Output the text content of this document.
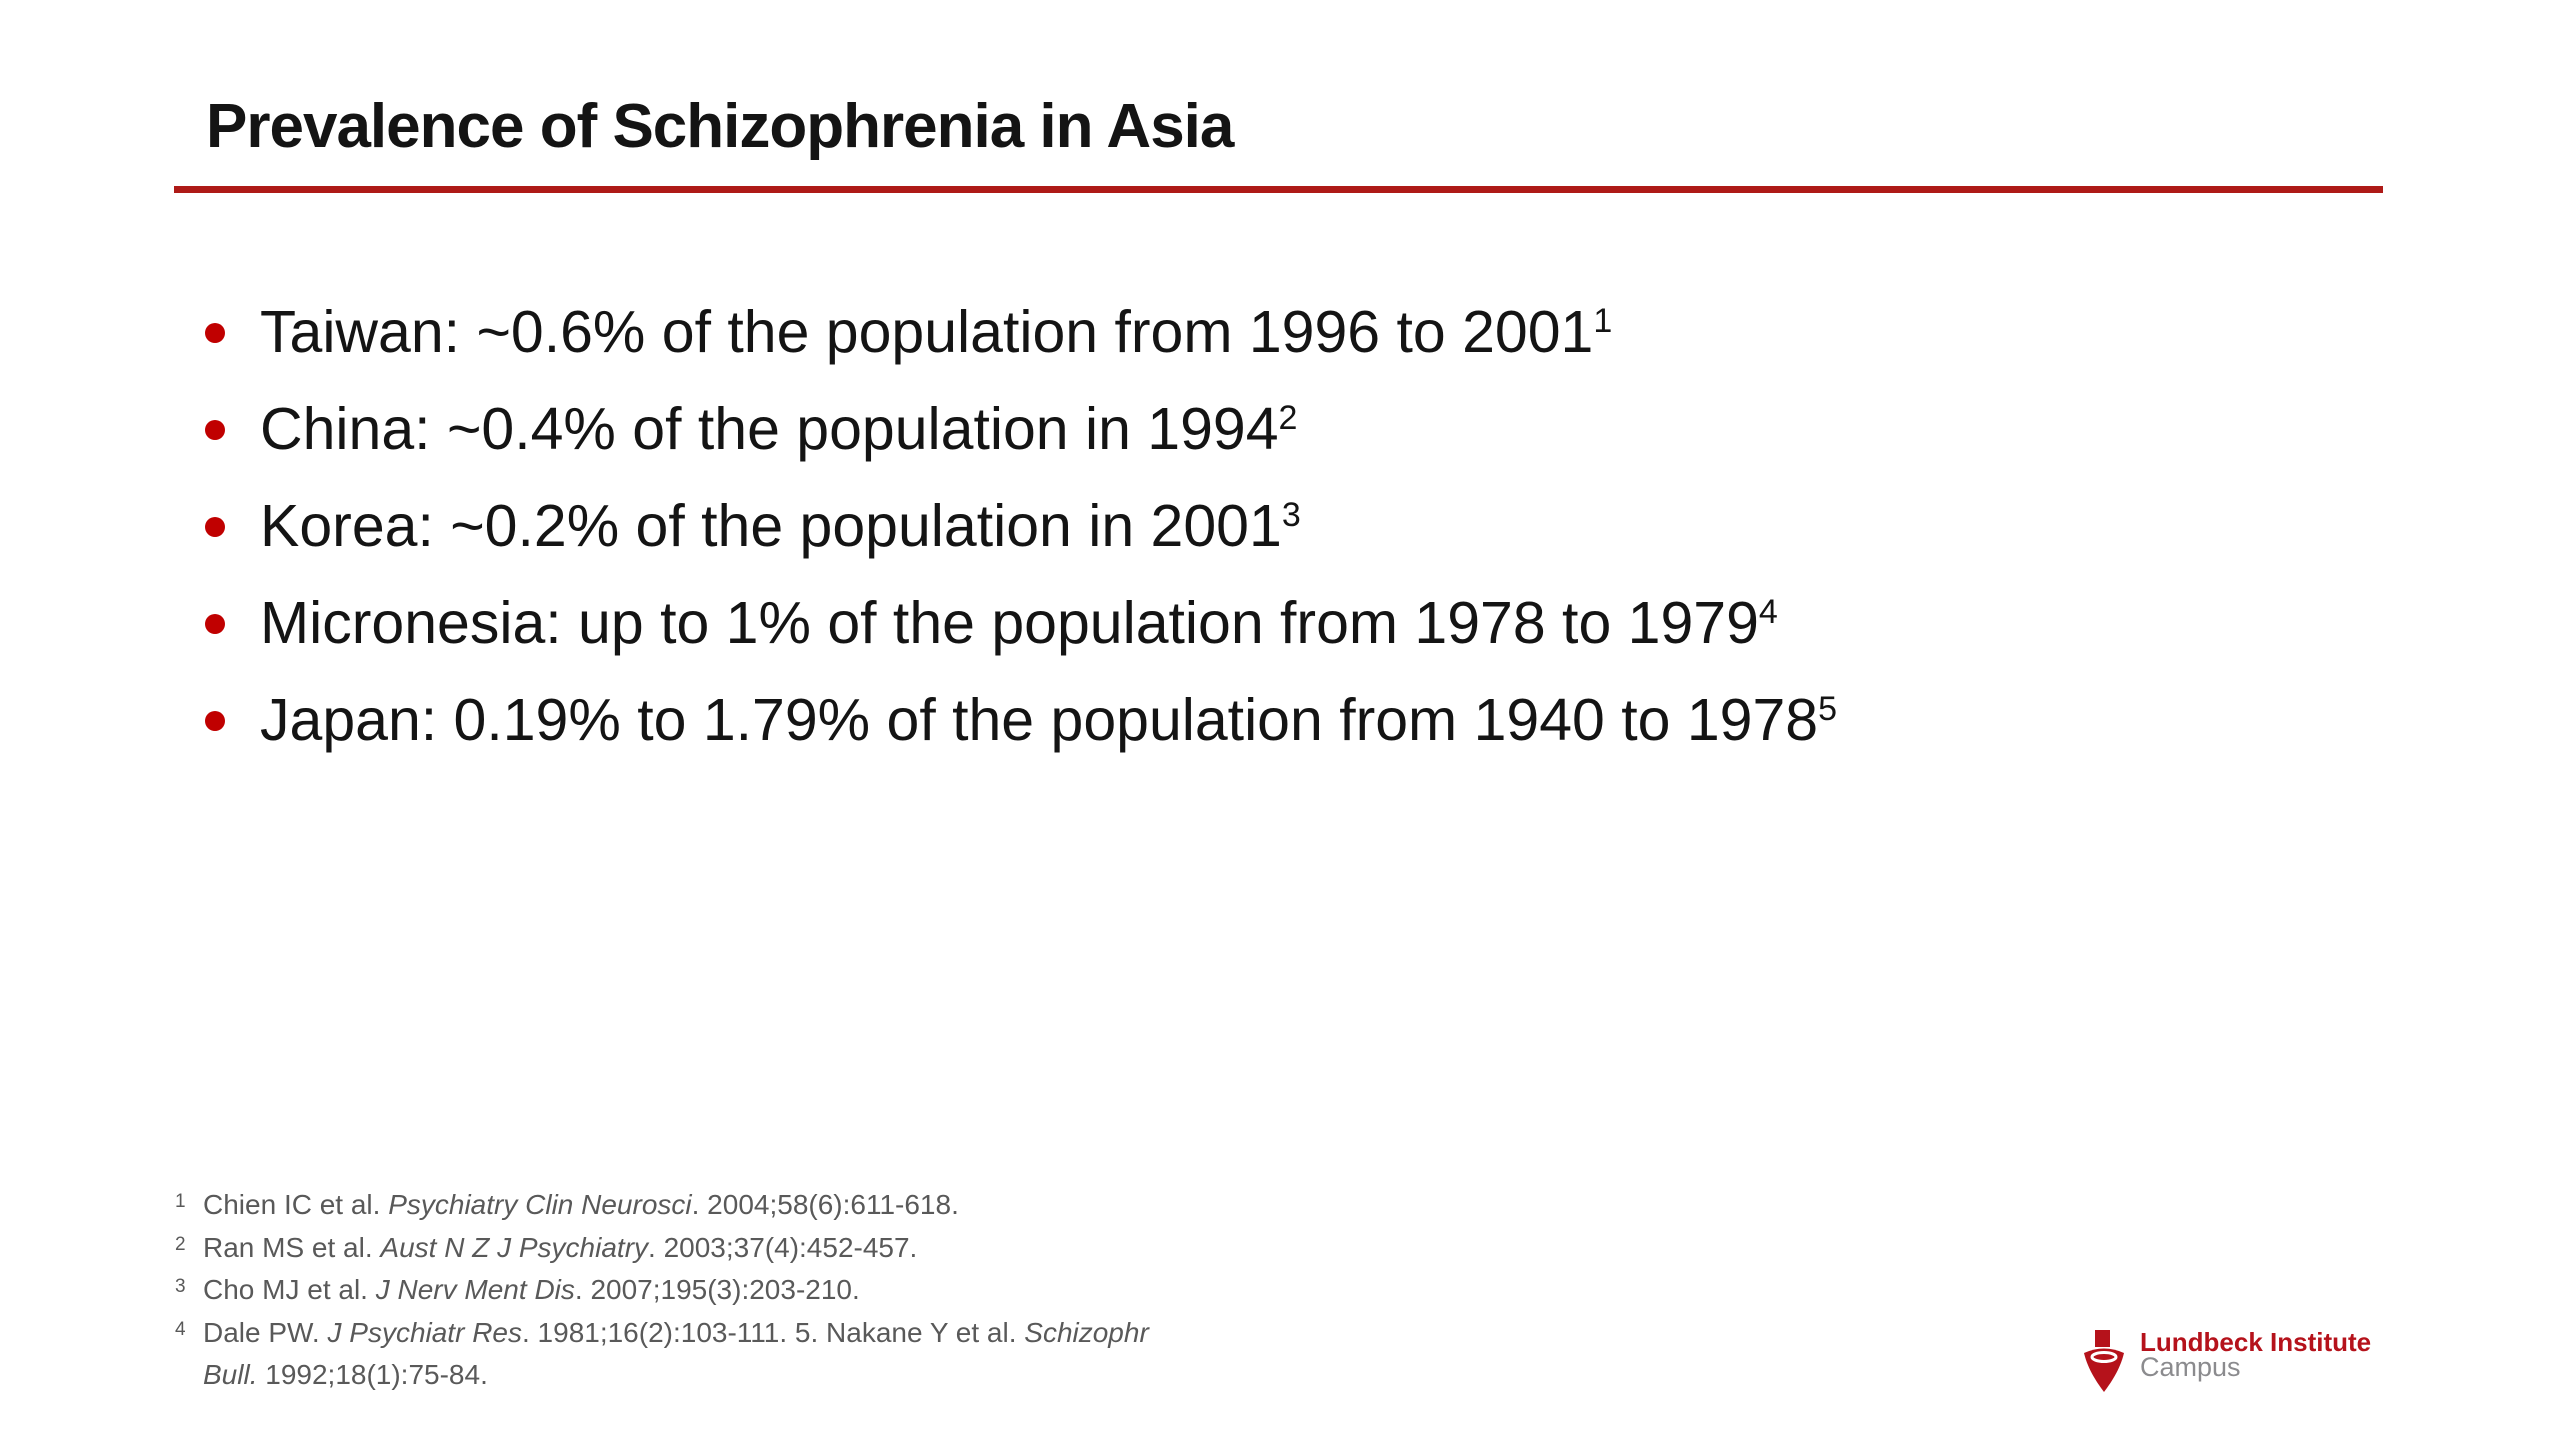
Prevalence of Schizophrenia in Asia
Taiwan: ~0.6% of the population from 1996 to 2001$^1$
China: ~0.4% of the population in 1994$^2$
Korea: ~0.2% of the population in 2001$^3$
Micronesia: up to 1% of the population from 1978 to 1979$^4$
Japan: 0.19% to 1.79% of the population from 1940 to 1978$^5$

1 Chien IC et al. Psychiatry Clin Neurosci. 2004;58(6):611-618.

2 Ran MS et al. Aust N Z J Psychiatry. 2003;37(4):452-457.

3 Cho MJ et al. J Nerv Ment Dis. 2007;195(3):203-210.

4 Dale PW. J Psychiatr Res. 1981;16(2):103-111. 5. Nakane Y et al. Schizophr
Bull. 1992;18(1):75-84.

Lundbeck Institute
Campus
